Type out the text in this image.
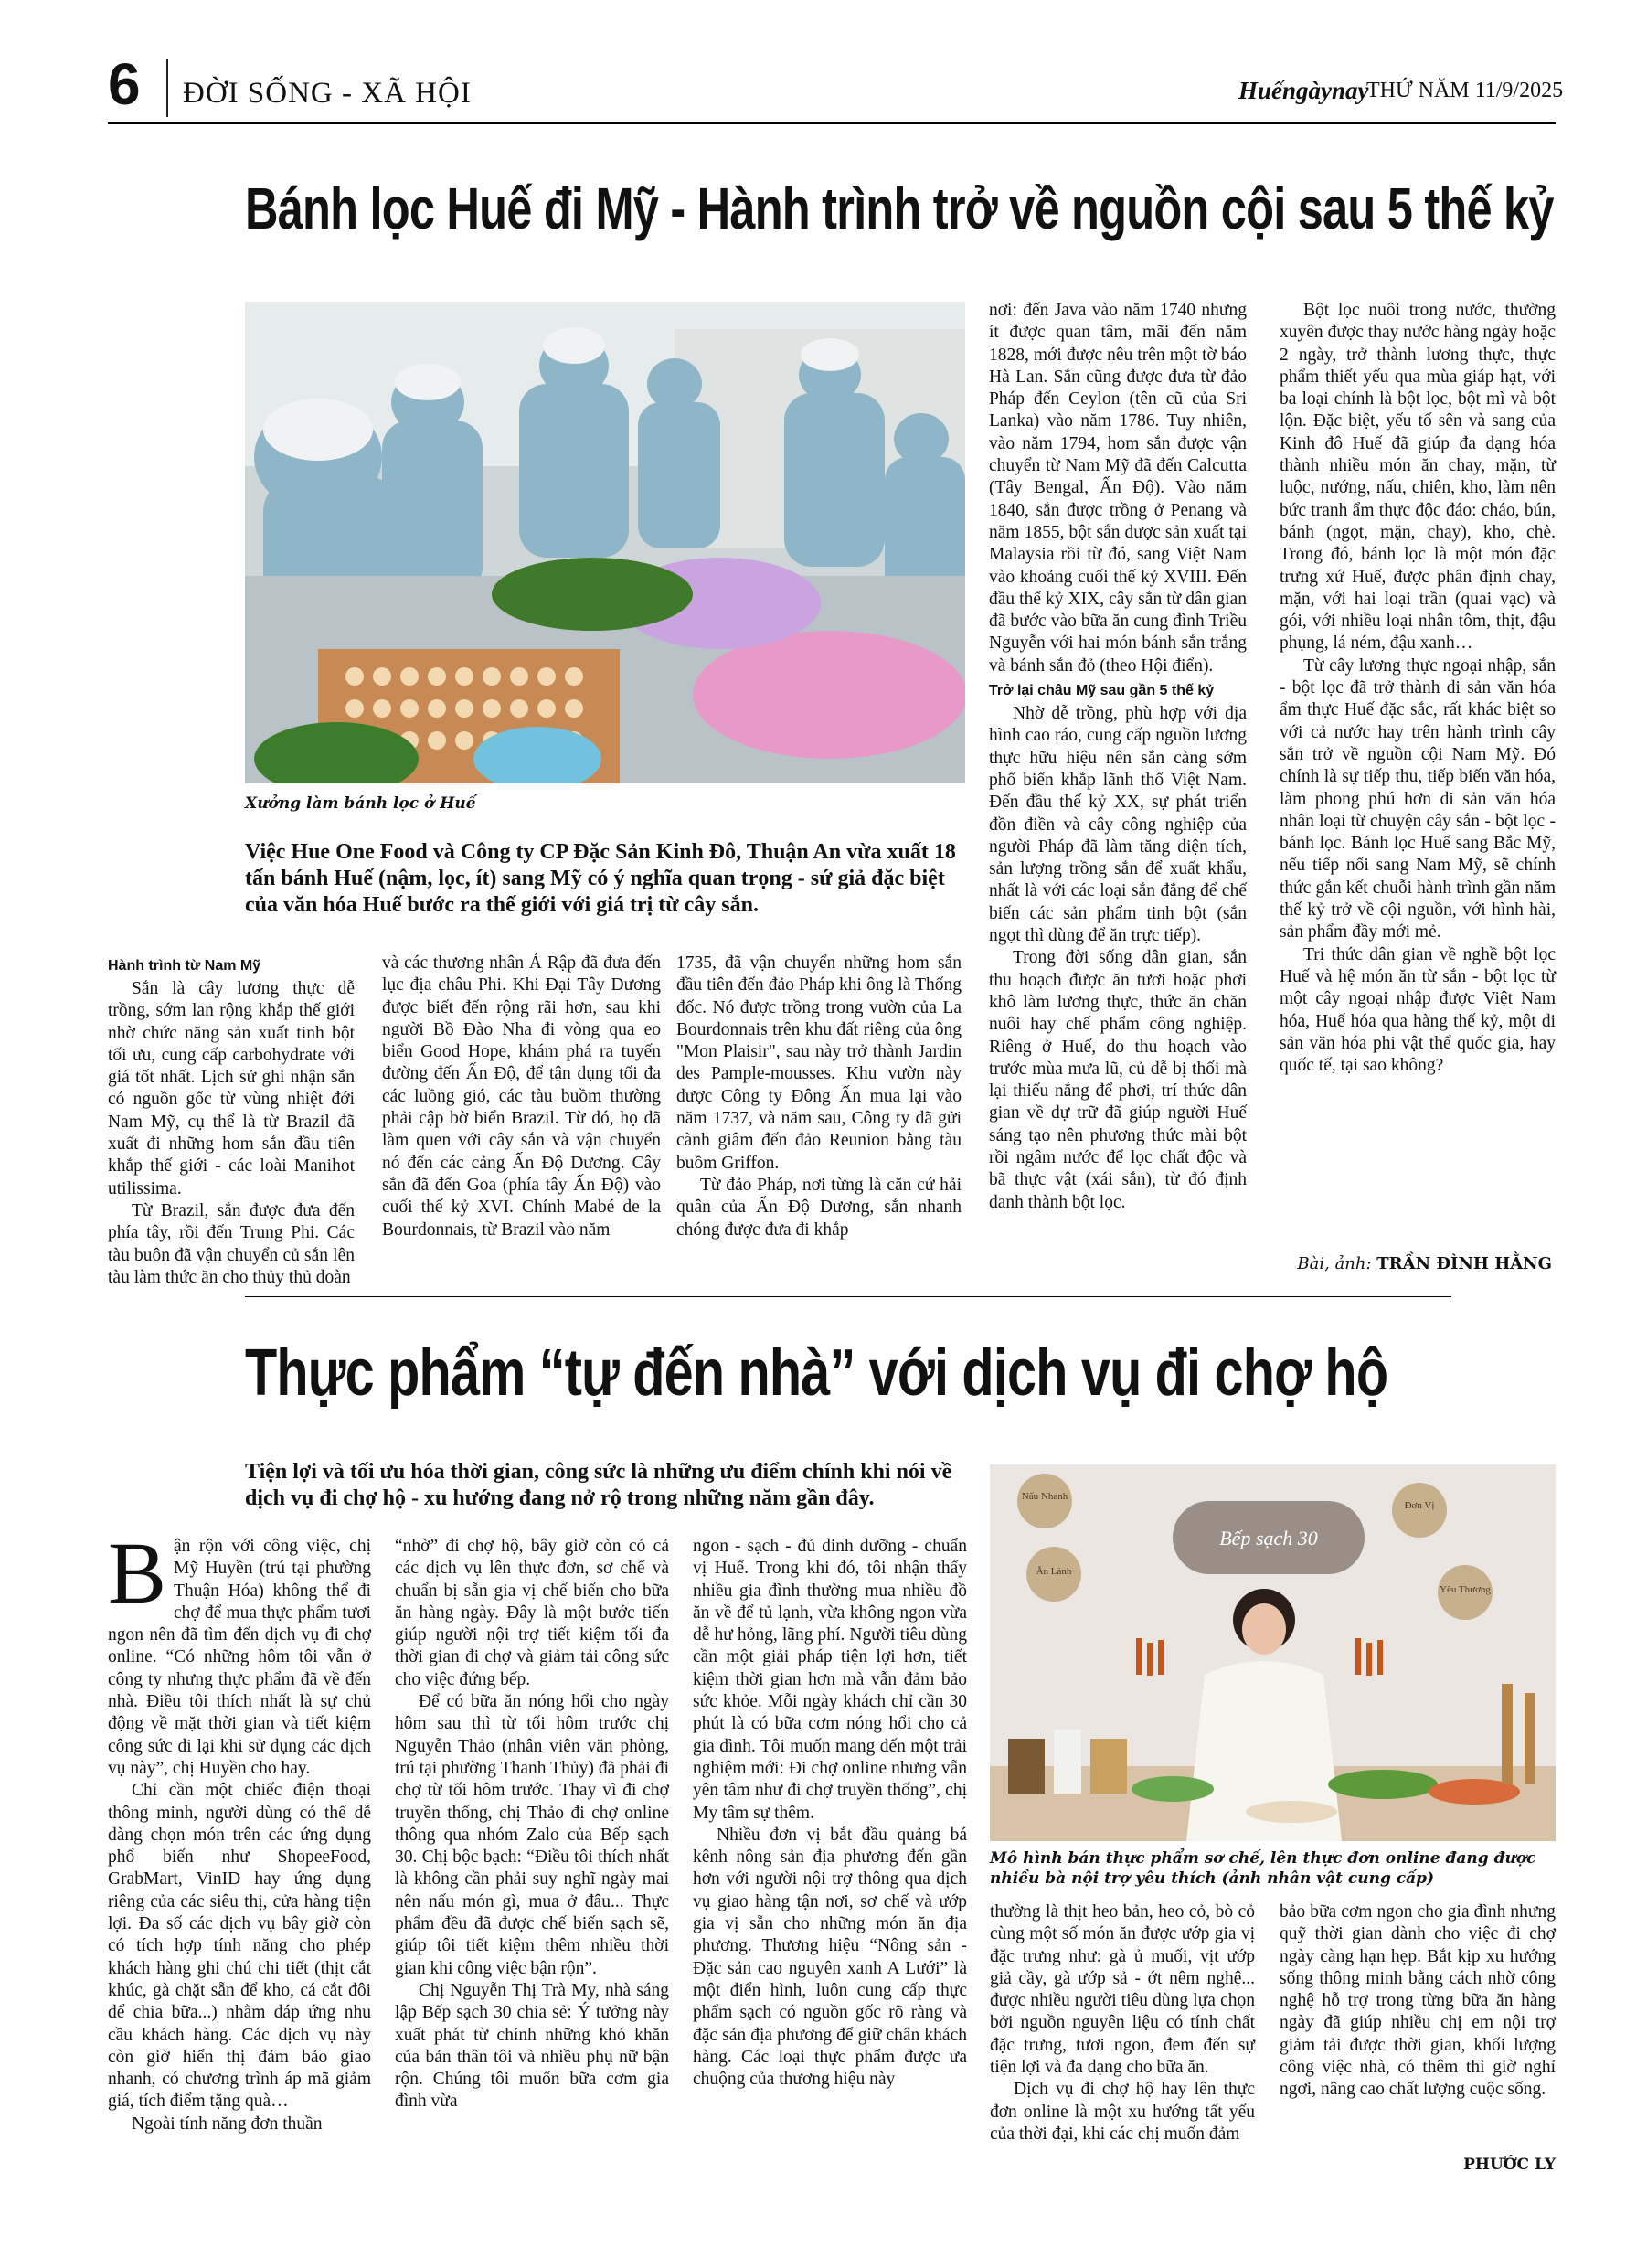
6 ĐỜI SỐNG - XÃ HỘI	Huếngàynay
THỨ NĂM 11/9/2025
Bánh lọc Huế đi Mỹ - Hành trình trở về nguồn cội sau 5 thế kỷ
Xưởng làm bánh lọc ở Huế
Việc Hue One Food và Công ty CP Đặc Sản Kinh Đô, Thuận An vừa xuất 18 tấn bánh Huế (nậm, lọc, ít) sang Mỹ có ý nghĩa quan trọng - sứ giả đặc biệt của văn hóa Huế bước ra thế giới với giá trị từ cây sắn.
Hành trình từ Nam Mỹ

Sắn là cây lương thực dễ trồng, sớm lan rộng khắp thế giới nhờ chức năng sản xuất tinh bột tối ưu, cung cấp carbohydrate với giá tốt nhất. Lịch sử ghi nhận sắn có nguồn gốc từ vùng nhiệt đới Nam Mỹ, cụ thể là từ Brazil đã xuất đi những hom sắn đầu tiên khắp thế giới - các loài Manihot utilissima.

Từ Brazil, sắn được đưa đến phía tây, rồi đến Trung Phi. Các tàu buôn đã vận chuyển củ sắn lên tàu làm thức ăn cho thủy thủ đoàn

và các thương nhân Ả Rập đã đưa đến lục địa châu Phi. Khi Đại Tây Dương được biết đến rộng rãi hơn, sau khi người Bồ Đào Nha đi vòng qua eo biển Good Hope, khám phá ra tuyến đường đến Ấn Độ, để tận dụng tối đa các luồng gió, các tàu buồm thường phải cập bờ biển Brazil. Từ đó, họ đã làm quen với cây sắn và vận chuyển nó đến các cảng Ấn Độ Dương. Cây sắn đã đến Goa (phía tây Ấn Độ) vào cuối thế kỷ XVI. Chính Mabé de la Bourdonnais, từ Brazil vào năm

1735, đã vận chuyển những hom sắn đầu tiên đến đảo Pháp khi ông là Thống đốc. Nó được trồng trong vườn của La Bourdonnais trên khu đất riêng của ông "Mon Plaisir", sau này trở thành Jardin des Pample-mousses. Khu vườn này được Công ty Đông Ấn mua lại vào năm 1737, và năm sau, Công ty đã gửi cành giâm đến đảo Reunion bằng tàu buồm Griffon.

Từ đảo Pháp, nơi từng là căn cứ hải quân của Ấn Độ Dương, sắn nhanh chóng được đưa đi khắp

nơi: đến Java vào năm 1740 nhưng ít được quan tâm, mãi đến năm 1828, mới được nêu trên một tờ báo Hà Lan. Sắn cũng được đưa từ đảo Pháp đến Ceylon (tên cũ của Sri Lanka) vào năm 1786. Tuy nhiên, vào năm 1794, hom sắn được vận chuyển từ Nam Mỹ đã đến Calcutta (Tây Bengal, Ấn Độ). Vào năm 1840, sắn được trồng ở Penang và năm 1855, bột sắn được sản xuất tại Malaysia rồi từ đó, sang Việt Nam vào khoảng cuối thế kỷ XVIII. Đến đầu thế kỷ XIX, cây sắn từ dân gian đã bước vào bữa ăn cung đình Triều Nguyễn với hai món bánh sắn trắng và bánh sắn đỏ (theo Hội điển).

Trở lại châu Mỹ sau gần 5 thế kỷ

Nhờ dễ trồng, phù hợp với địa hình cao ráo, cung cấp nguồn lương thực hữu hiệu nên sắn càng sớm phổ biến khắp lãnh thổ Việt Nam. Đến đầu thế kỷ XX, sự phát triển đồn điền và cây công nghiệp của người Pháp đã làm tăng diện tích, sản lượng trồng sắn để xuất khẩu, nhất là với các loại sắn đắng để chế biến các sản phẩm tinh bột (sắn ngọt thì dùng để ăn trực tiếp).

Trong đời sống dân gian, sắn thu hoạch được ăn tươi hoặc phơi khô làm lương thực, thức ăn chăn nuôi hay chế phẩm công nghiệp. Riêng ở Huế, do thu hoạch vào trước mùa mưa lũ, củ dễ bị thối mà lại thiếu nắng để phơi, trí thức dân gian về dự trữ đã giúp người Huế sáng tạo nên phương thức mài bột rồi ngâm nước để lọc chất độc và bã thực vật (xái sắn), từ đó định danh thành bột lọc.

Bột lọc nuôi trong nước, thường xuyên được thay nước hàng ngày hoặc 2 ngày, trở thành lương thực, thực phẩm thiết yếu qua mùa giáp hạt, với ba loại chính là bột lọc, bột mì và bột lộn. Đặc biệt, yếu tố sên và sang của Kinh đô Huế đã giúp đa dạng hóa thành nhiều món ăn chay, mặn, từ luộc, nướng, nấu, chiên, kho, làm nên bức tranh ẩm thực độc đáo: cháo, bún, bánh (ngọt, mặn, chay), kho, chè. Trong đó, bánh lọc là một món đặc trưng xứ Huế, được phân định chay, mặn, với hai loại trần (quai vạc) và gói, với nhiều loại nhân tôm, thịt, đậu phụng, lá ném, đậu xanh…

Từ cây lương thực ngoại nhập, sắn - bột lọc đã trở thành di sản văn hóa ẩm thực Huế đặc sắc, rất khác biệt so với cả nước hay trên hành trình cây sắn trở về nguồn cội Nam Mỹ. Đó chính là sự tiếp thu, tiếp biến văn hóa, làm phong phú hơn di sản văn hóa nhân loại từ chuyện cây sắn - bột lọc - bánh lọc. Bánh lọc Huế sang Bắc Mỹ, nếu tiếp nối sang Nam Mỹ, sẽ chính thức gắn kết chuỗi hành trình gần năm thế kỷ trở về cội nguồn, với hình hài, sản phẩm đầy mới mẻ.

Tri thức dân gian về nghề bột lọc Huế và hệ món ăn từ sắn - bột lọc từ một cây ngoại nhập được Việt Nam hóa, Huế hóa qua hàng thế kỷ, một di sản văn hóa phi vật thể quốc gia, hay quốc tế, tại sao không?

Bài, ảnh: TRẦN ĐÌNH HẰNG
Thực phẩm “tự đến nhà” với dịch vụ đi chợ hộ
Tiện lợi và tối ưu hóa thời gian, công sức là những ưu điểm chính khi nói về dịch vụ đi chợ hộ - xu hướng đang nở rộ trong những năm gần đây.
Bếp sạch 30
Nấu Nhanh
Ăn Lành
Đơn Vị
Yêu Thương
Mô hình bán thực phẩm sơ chế, lên thực đơn online đang được nhiều bà nội trợ yêu thích (ảnh nhân vật cung cấp)

Bận rộn với công việc, chị Mỹ Huyền (trú tại phường Thuận Hóa) không thể đi chợ để mua thực phẩm tươi ngon nên đã tìm đến dịch vụ đi chợ online. “Có những hôm tôi vẫn ở công ty nhưng thực phẩm đã về đến nhà. Điều tôi thích nhất là sự chủ động về mặt thời gian và tiết kiệm công sức đi lại khi sử dụng các dịch vụ này”, chị Huyền cho hay.

Chỉ cần một chiếc điện thoại thông minh, người dùng có thể dễ dàng chọn món trên các ứng dụng phổ biến như ShopeeFood, GrabMart, VinID hay ứng dụng riêng của các siêu thị, cửa hàng tiện lợi. Đa số các dịch vụ bây giờ còn có tích hợp tính năng cho phép khách hàng ghi chú chi tiết (thịt cắt khúc, gà chặt sẵn để kho, cá cắt đôi để chia bữa...) nhằm đáp ứng nhu cầu khách hàng. Các dịch vụ này còn giờ hiển thị đảm bảo giao nhanh, có chương trình áp mã giảm giá, tích điểm tặng quà…

Ngoài tính năng đơn thuần

“nhờ” đi chợ hộ, bây giờ còn có cả các dịch vụ lên thực đơn, sơ chế và chuẩn bị sẵn gia vị chế biến cho bữa ăn hàng ngày. Đây là một bước tiến giúp người nội trợ tiết kiệm tối đa thời gian đi chợ và giảm tải công sức cho việc đứng bếp.

Để có bữa ăn nóng hổi cho ngày hôm sau thì từ tối hôm trước chị Nguyễn Thảo (nhân viên văn phòng, trú tại phường Thanh Thủy) đã phải đi chợ từ tối hôm trước. Thay vì đi chợ truyền thống, chị Thảo đi chợ online thông qua nhóm Zalo của Bếp sạch 30. Chị bộc bạch: “Điều tôi thích nhất là không cần phải suy nghĩ ngày mai nên nấu món gì, mua ở đâu... Thực phẩm đều đã được chế biến sạch sẽ, giúp tôi tiết kiệm thêm nhiều thời gian khi công việc bận rộn”.

Chị Nguyễn Thị Trà My, nhà sáng lập Bếp sạch 30 chia sẻ: Ý tưởng này xuất phát từ chính những khó khăn của bản thân tôi và nhiều phụ nữ bận rộn. Chúng tôi muốn bữa cơm gia đình vừa

ngon - sạch - đủ dinh dưỡng - chuẩn vị Huế. Trong khi đó, tôi nhận thấy nhiều gia đình thường mua nhiều đồ ăn về để tủ lạnh, vừa không ngon vừa dễ hư hỏng, lãng phí. Người tiêu dùng cần một giải pháp tiện lợi hơn, tiết kiệm thời gian hơn mà vẫn đảm bảo sức khỏe. Mỗi ngày khách chỉ cần 30 phút là có bữa cơm nóng hổi cho cả gia đình. Tôi muốn mang đến một trải nghiệm mới: Đi chợ online nhưng vẫn yên tâm như đi chợ truyền thống”, chị My tâm sự thêm.

Nhiều đơn vị bắt đầu quảng bá kênh nông sản địa phương đến gần hơn với người nội trợ thông qua dịch vụ giao hàng tận nơi, sơ chế và ướp gia vị sẵn cho những món ăn địa phương. Thương hiệu “Nông sản - Đặc sản cao nguyên xanh A Lưới” là một điển hình, luôn cung cấp thực phẩm sạch có nguồn gốc rõ ràng và đặc sản địa phương để giữ chân khách hàng. Các loại thực phẩm được ưa chuộng của thương hiệu này

thường là thịt heo bản, heo cỏ, bò cỏ cùng một số món ăn được ướp gia vị đặc trưng như: gà ủ muối, vịt ướp giả cầy, gà ướp sả - ớt nêm nghệ... được nhiều người tiêu dùng lựa chọn bởi nguồn nguyên liệu có tính chất đặc trưng, tươi ngon, đem đến sự tiện lợi và đa dạng cho bữa ăn.

Dịch vụ đi chợ hộ hay lên thực đơn online là một xu hướng tất yếu của thời đại, khi các chị muốn đảm

bảo bữa cơm ngon cho gia đình nhưng quỹ thời gian dành cho việc đi chợ ngày càng hạn hẹp. Bắt kịp xu hướng sống thông minh bằng cách nhờ công nghệ hỗ trợ trong từng bữa ăn hàng ngày đã giúp nhiều chị em nội trợ giảm tải được thời gian, khối lượng công việc nhà, có thêm thì giờ nghỉ ngơi, nâng cao chất lượng cuộc sống.

PHƯỚC LY
